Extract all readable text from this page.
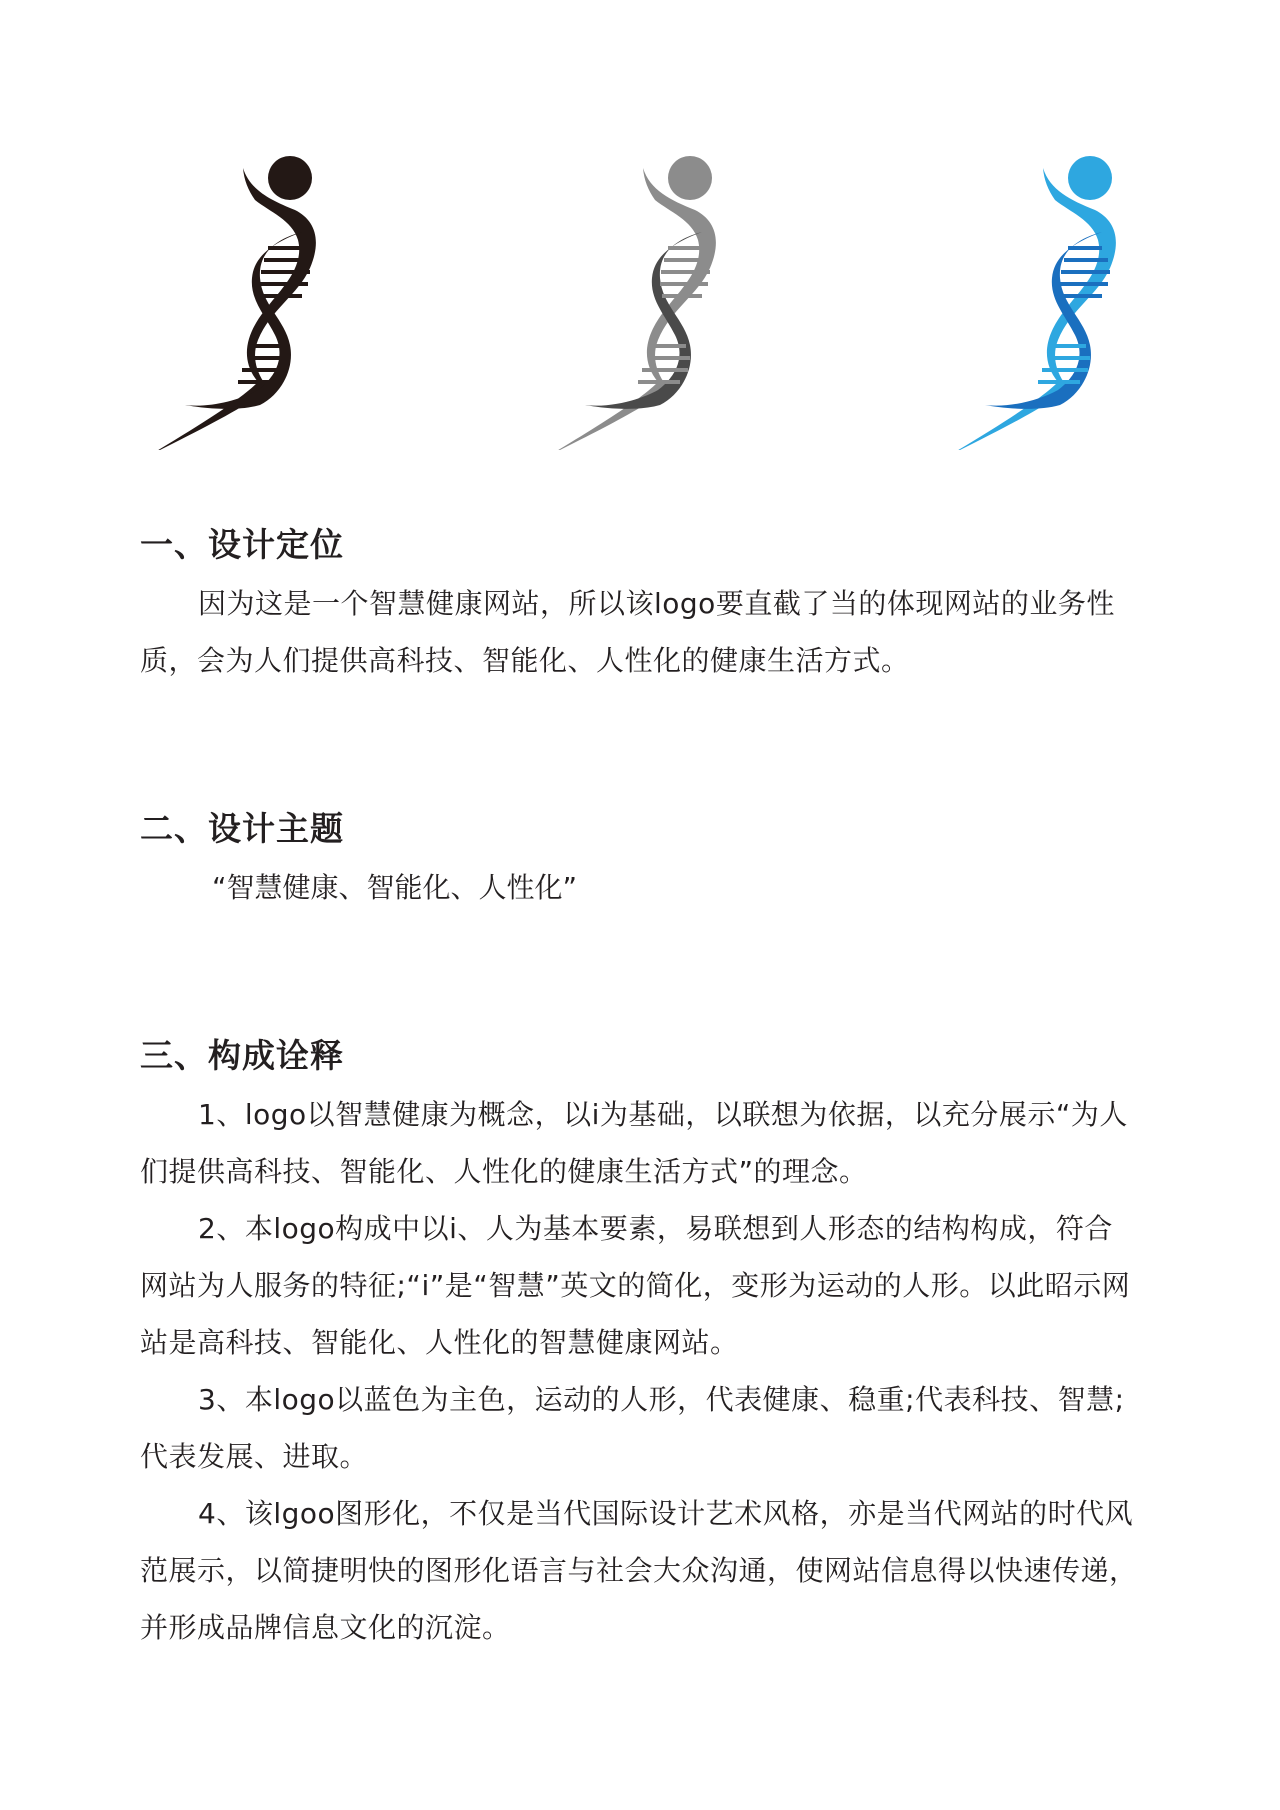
一、设计定位

因为这是一个智慧健康网站，所以该logo要直截了当的体现网站的业务性质，会为人们提供高科技、智能化、人性化的健康生活方式。

二、设计主题

“智慧健康、智能化、人性化”

三、构成诠释

1、logo以智慧健康为概念，以i为基础，以联想为依据，以充分展示“为人们提供高科技、智能化、人性化的健康生活方式”的理念。

2、本logo构成中以i、人为基本要素，易联想到人形态的结构构成，符合网站为人服务的特征;“i”是“智慧”英文的简化，变形为运动的人形。以此昭示网站是高科技、智能化、人性化的智慧健康网站。

3、本logo以蓝色为主色，运动的人形，代表健康、稳重;代表科技、智慧;代表发展、进取。

4、该lgoo图形化，不仅是当代国际设计艺术风格，亦是当代网站的时代风范展示，以简捷明快的图形化语言与社会大众沟通，使网站信息得以快速传递，并形成品牌信息文化的沉淀。
